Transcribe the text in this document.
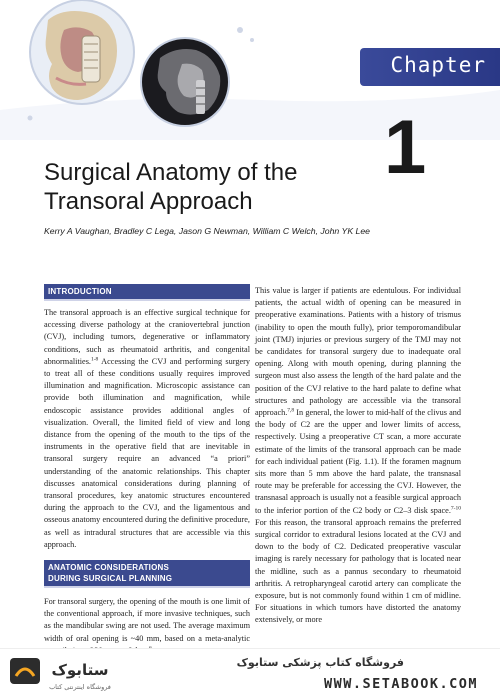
Chapter
1
Surgical Anatomy of the
Transoral Approach
Kerry A Vaughan, Bradley C Lega, Jason G Newman, William C Welch, John YK Lee
INTRODUCTION

The transoral approach is an effective surgical technique for accessing diverse pathology at the craniovertebral junction (CVJ), including tumors, degenerative or inflammatory conditions, such as rheumatoid arthritis, and congenital abnormalities.$^{1-8}$ Accessing the CVJ and performing surgery to treat all of these conditions usually requires improved illumination and magnification. Microscopic assistance can provide both illumination and magnification, while endoscopic assistance provides additional angles of visualization. Overall, the limited field of view and long distance from the opening of the mouth to the tips of the instruments in the operative field that are inevitable in transoral surgery require an advanced “a priori” understanding of the anatomic relationships. This chapter discusses anatomical considerations during planning of transoral procedures, key anatomic structures encountered during the approach to the CVJ, and the ligamentous and osseous anatomy encountered during the definitive procedure, as well as intradural structures that are accessible via this approach.

ANATOMIC CONSIDERATIONS
DURING SURGICAL PLANNING

For transoral surgery, the opening of the mouth is one limit of the conventional approach, if more invasive techniques, such as the mandibular swing are not used. The average maximum width of oral opening is ~40 mm, based on a meta-analytic

This value is larger if patients are edentulous. For individual patients, the actual width of opening can be measured in preoperative examinations. Patients with a history of trismus (inability to open the mouth fully), prior temporomandibular joint (TMJ) injuries or previous surgery of the TMJ may not be candidates for transoral surgery due to inadequate oral opening. Along with mouth opening, during planning the surgeon must also assess the length of the hard palate and the position of the CVJ relative to the hard palate to define what structures and pathology are accessible via the transoral approach.$^{7,8}$ In general, the lower to mid-half of the clivus and the body of C2 are the upper and lower limits of access, respectively. Using a preoperative CT scan, a more accurate estimate of the limits of the transoral approach can be made for each individual patient (Fig. 1.1). If the foramen magnum sits more than 5 mm above the hard palate, the transnasal route may be preferable for accessing the CVJ. However, the transnasal approach is usually not a feasible surgical approach to the inferior portion of the C2 body or C2–3 disk space.$^{7-10}$ For this reason, the transoral approach remains the preferred surgical corridor to extradural lesions located at the CVJ and down to the body of C2. Dedicated preoperative vascular imaging is rarely necessary for pathology that is located near the midline, such as a pannus secondary to rheumatoid arthritis. A retropharyngeal carotid artery can complicate the exposure, but is not commonly found within 1 cm of midline. For situations in which tumors have distorted the anatomy extensively, or more

ستابوک
فروشگاه اینترنتی کتاب
فروشگاه کتاب پزشکی ستابوک
WWW.SETABOOK.COM
